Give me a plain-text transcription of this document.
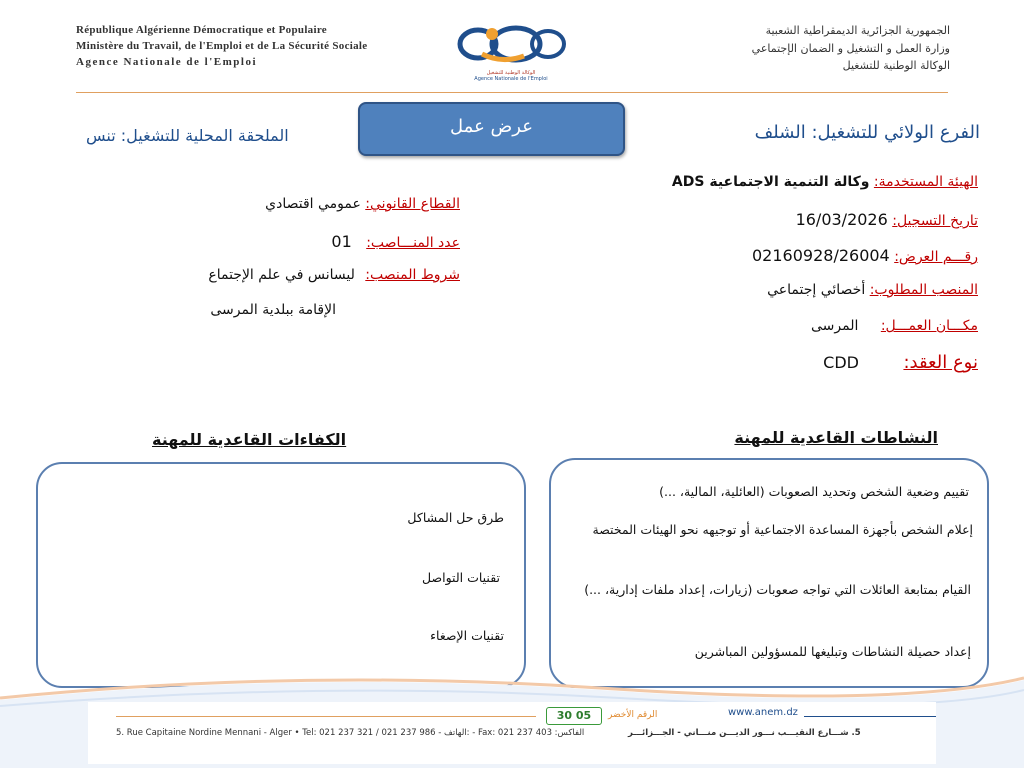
République Algérienne Démocratique et Populaire
Ministère du Travail, de l'Emploi et de La Sécurité Sociale
Agence Nationale de l'Emploi
الوكالة الوطنية للتشغيل
Agence Nationale de l'Emploi
الجمهورية الجزائرية الديمقراطية الشعبية
وزارة العمل و التشغيل و الضمان الإجتماعي
الوكالة الوطنية للتشغيل
عرض عمل	الفرع الولائي للتشغيل: الشلف
الملحقة المحلية للتشغيل: تنس
الهيئة المستخدمة: وكالة التنمية الاجتماعية ADS
تاريخ التسجيل: 16/03/2026
رقـــم العرض: 02160928/26004
المنصب المطلوب: أخصائي إجتماعي
مكـــان العمـــل: المرسى
نوع العقد: CDD
القطاع القانوني: عمومي اقتصادي
عدد المنـــاصب: 01
شروط المنصب: ليسانس في علم الإجتماع
الإقامة ببلدية المرسى
النشاطات القاعدية للمهنة
الكفاءات القاعدية للمهنة
طرق حل المشاكل
تقنيات التواصل
تقنيات الإصغاء
تقييم وضعية الشخص وتحديد الصعوبات (العائلية، المالية، ...)
إعلام الشخص بأجهزة المساعدة الاجتماعية أو توجيهه نحو الهيئات المختصة
القيام بمتابعة العائلات التي تواجه صعوبات (زيارات، إعداد ملفات إدارية، ...)
إعداد حصيلة النشاطات وتبليغها للمسؤولين المباشرين
30 05	الرقم الأخضر	www.anem.dz
5. Rue Capitaine Nordine Mennani - Alger • Tel: 021 237 321 / 021 237 986 - الهاتف: - Fax: 021 237 403 :الفاكس	5. شـــارع النقيـــب نـــور الديـــن منـــاني - الجـــزائـــر
